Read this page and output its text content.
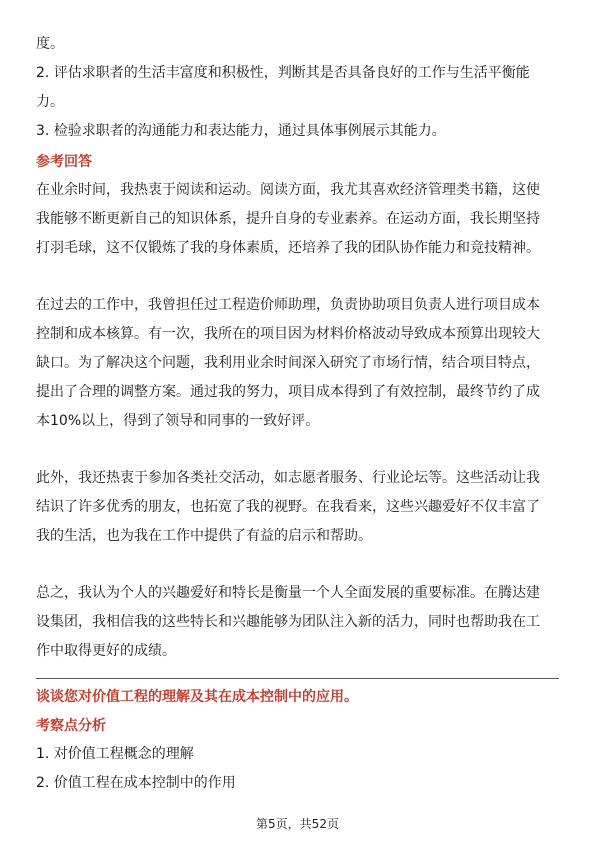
度。
2. 评估求职者的生活丰富度和积极性，判断其是否具备良好的工作与生活平衡能
力。
3. 检验求职者的沟通能力和表达能力，通过具体事例展示其能力。
参考回答
在业余时间，我热衷于阅读和运动。阅读方面，我尤其喜欢经济管理类书籍，这使
我能够不断更新自己的知识体系，提升自身的专业素养。在运动方面，我长期坚持
打羽毛球，这不仅锻炼了我的身体素质，还培养了我的团队协作能力和竞技精神。
在过去的工作中，我曾担任过工程造价师助理，负责协助项目负责人进行项目成本
控制和成本核算。有一次，我所在的项目因为材料价格波动导致成本预算出现较大
缺口。为了解决这个问题，我利用业余时间深入研究了市场行情，结合项目特点，
提出了合理的调整方案。通过我的努力，项目成本得到了有效控制，最终节约了成
本10%以上，得到了领导和同事的一致好评。
此外，我还热衷于参加各类社交活动，如志愿者服务、行业论坛等。这些活动让我
结识了许多优秀的朋友，也拓宽了我的视野。在我看来，这些兴趣爱好不仅丰富了
我的生活，也为我在工作中提供了有益的启示和帮助。
总之，我认为个人的兴趣爱好和特长是衡量一个人全面发展的重要标准。在腾达建
设集团，我相信我的这些特长和兴趣能够为团队注入新的活力，同时也帮助我在工
作中取得更好的成绩。
谈谈您对价值工程的理解及其在成本控制中的应用。
考察点分析
1. 对价值工程概念的理解
2. 价值工程在成本控制中的作用
第5页，共52页
